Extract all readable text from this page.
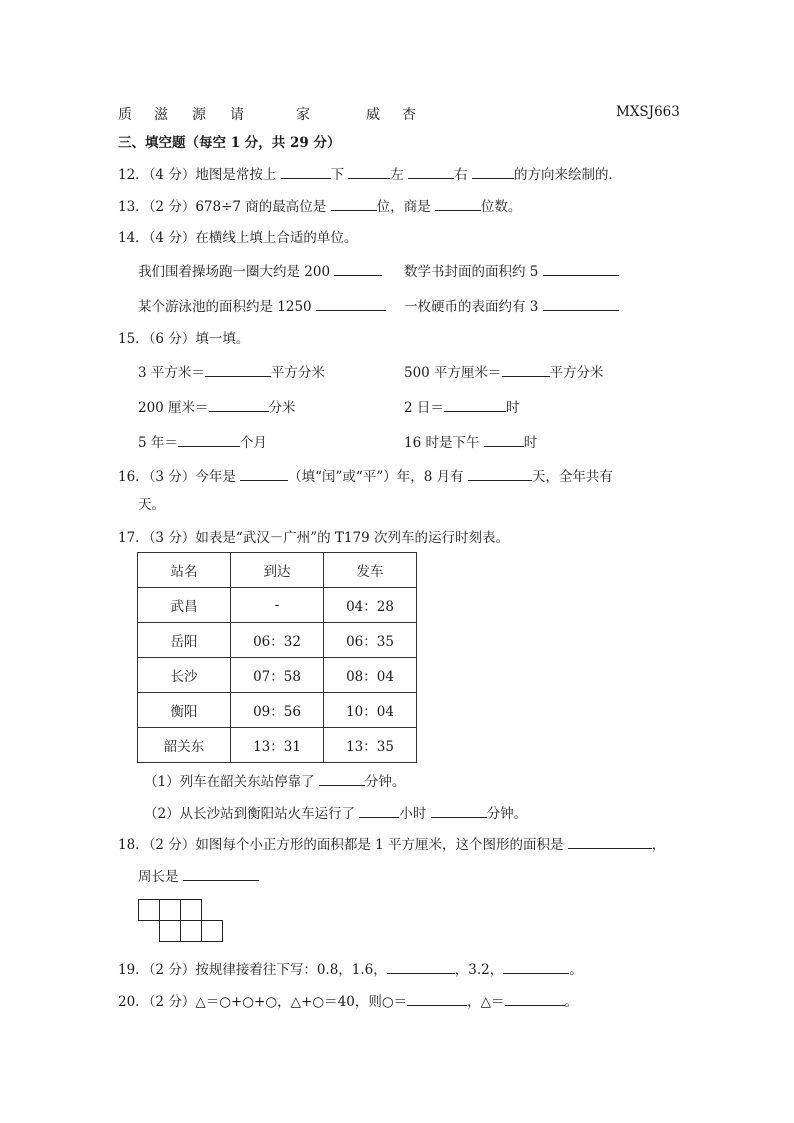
质 滋 源 请	家	威 杏	MXSJ663
三、填空题（每空 1 分，共 29 分）
12．（4 分）地图是常按上	下	左	右	的方向来绘制的．
13．（2 分）678÷7 商的最高位是	位，商是	位数。
14．（4 分）在横线上填上合适的单位。
我们围着操场跑一圈大约是 200	数学书封面的面积约 5
某个游泳池的面积约是 1250	一枚硬币的表面约有 3
15．（6 分）填一填。
3 平方米＝	平方分米	500 平方厘米＝	平方分米
200 厘米＝	分米	2 日＝	时
5 年＝	个月	16 时是下午	时
16．（3 分）今年是	（填“闰”或“平”）年，8 月有	天，全年共有
天。
17．（3 分）如表是“武汉－广州”的 T179 次列车的运行时刻表。
站名	到达	发车
武昌	-	04：28
岳阳	06：32	06：35
长沙	07：58	08：04
衡阳	09：56	10：04
韶关东	13：31	13：35
（1）列车在韶关东站停靠了	分钟。
（2）从长沙站到衡阳站火车运行了	小时	分钟。
18．（2 分）如图每个小正方形的面积都是 1 平方厘米，这个图形的面积是	，
周长是
19．（2 分）按规律接着往下写：0.8，1.6，	，3.2，	。
20．（2 分）△＝○+○+○，△+○＝40，则○＝	，△＝	。
